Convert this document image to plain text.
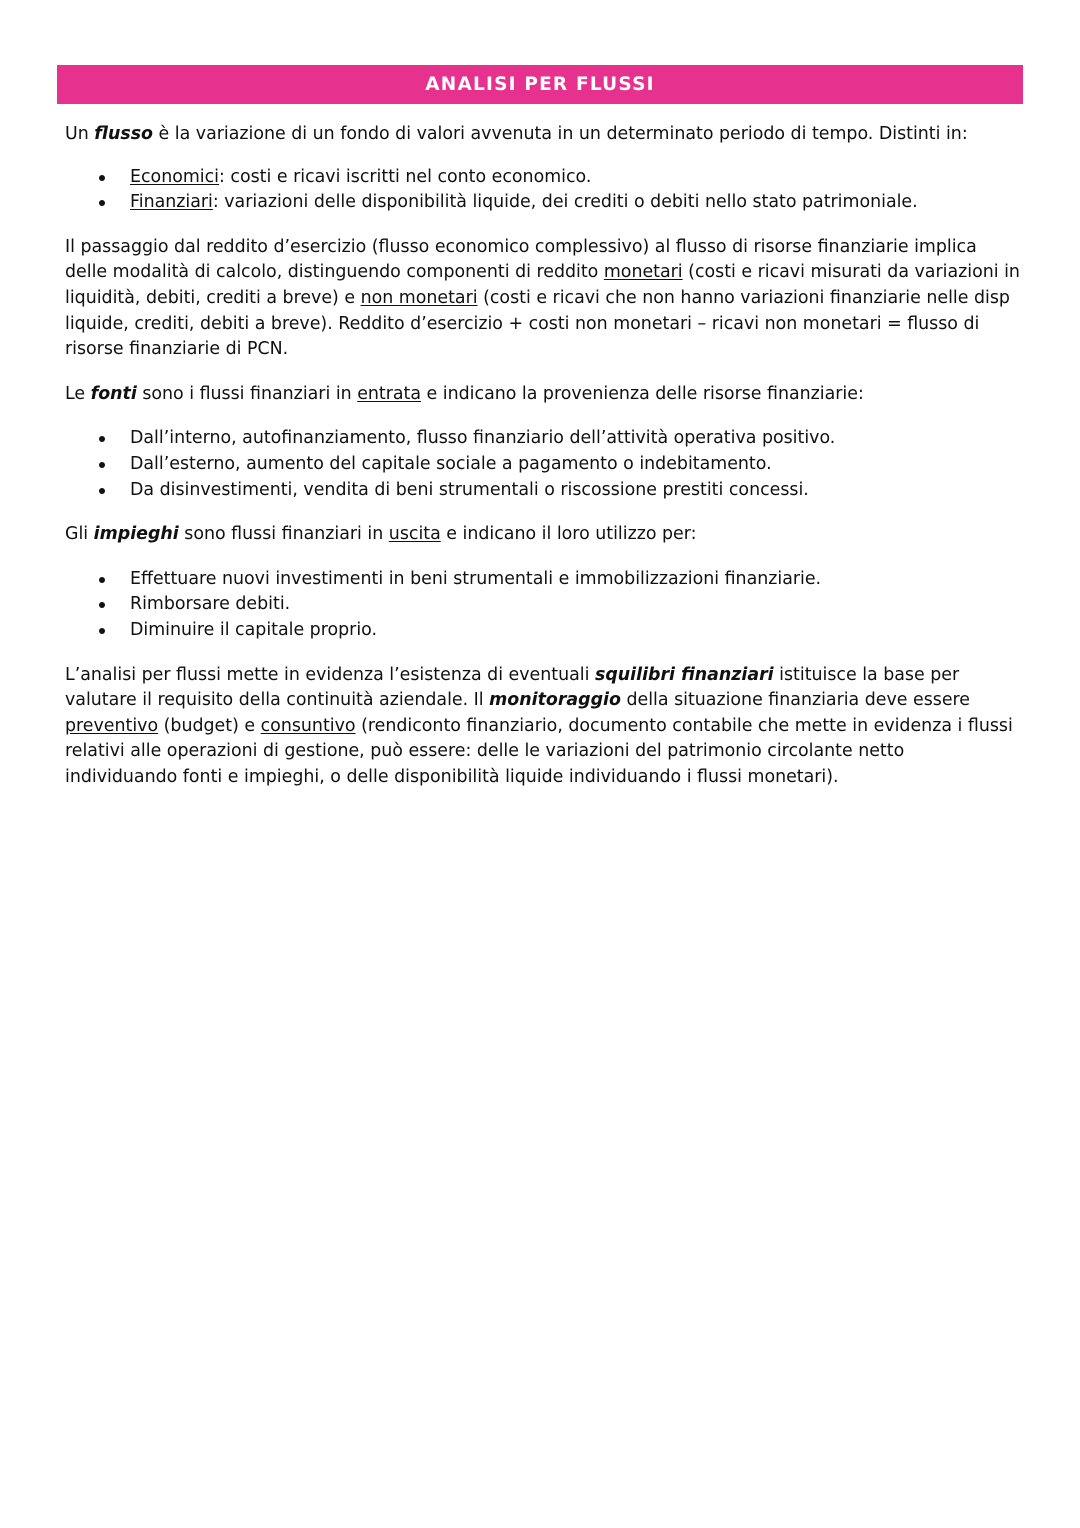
ANALISI PER FLUSSI

Un flusso è la variazione di un fondo di valori avvenuta in un determinato periodo di tempo. Distinti in:

Economici: costi e ricavi iscritti nel conto economico.
Finanziari: variazioni delle disponibilità liquide, dei crediti o debiti nello stato patrimoniale.

Il passaggio dal reddito d’esercizio (flusso economico complessivo) al flusso di risorse finanziarie implica delle modalità di calcolo, distinguendo componenti di reddito monetari (costi e ricavi misurati da variazioni in liquidità, debiti, crediti a breve) e non monetari (costi e ricavi che non hanno variazioni finanziarie nelle disp liquide, crediti, debiti a breve). Reddito d’esercizio + costi non monetari – ricavi non monetari = flusso di risorse finanziarie di PCN.

Le fonti sono i flussi finanziari in entrata e indicano la provenienza delle risorse finanziarie:

Dall’interno, autofinanziamento, flusso finanziario dell’attività operativa positivo.
Dall’esterno, aumento del capitale sociale a pagamento o indebitamento.
Da disinvestimenti, vendita di beni strumentali o riscossione prestiti concessi.

Gli impieghi sono flussi finanziari in uscita e indicano il loro utilizzo per:

Effettuare nuovi investimenti in beni strumentali e immobilizzazioni finanziarie.
Rimborsare debiti.
Diminuire il capitale proprio.

L’analisi per flussi mette in evidenza l’esistenza di eventuali squilibri finanziari istituisce la base per valutare il requisito della continuità aziendale. Il monitoraggio della situazione finanziaria deve essere preventivo (budget) e consuntivo (rendiconto finanziario, documento contabile che mette in evidenza i flussi relativi alle operazioni di gestione, può essere: delle le variazioni del patrimonio circolante netto individuando fonti e impieghi, o delle disponibilità liquide individuando i flussi monetari).
